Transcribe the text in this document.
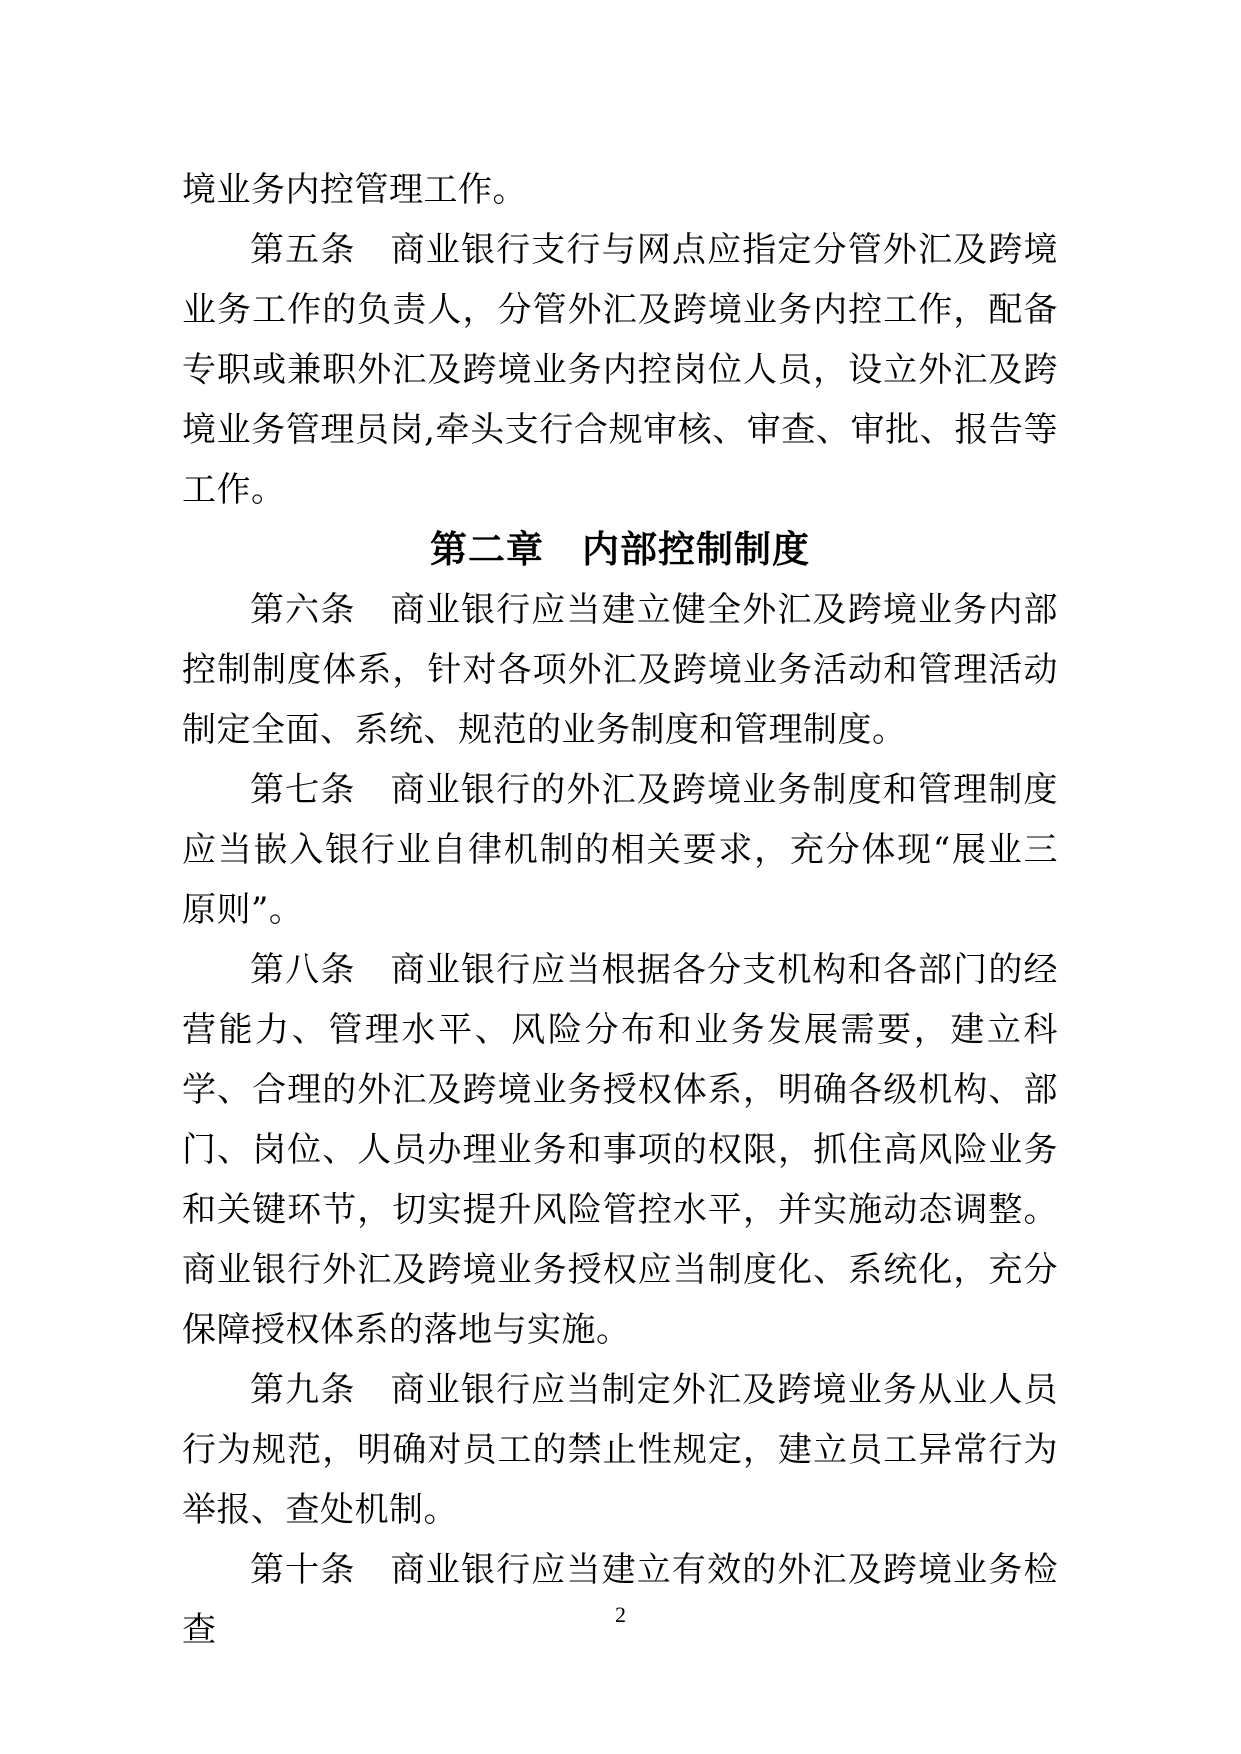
境业务内控管理工作。

第五条　商业银行支行与网点应指定分管外汇及跨境业务工作的负责人，分管外汇及跨境业务内控工作，配备专职或兼职外汇及跨境业务内控岗位人员，设立外汇及跨境业务管理员岗,牵头支行合规审核、审查、审批、报告等工作。

第二章　内部控制制度

第六条　商业银行应当建立健全外汇及跨境业务内部控制制度体系，针对各项外汇及跨境业务活动和管理活动制定全面、系统、规范的业务制度和管理制度。

第七条　商业银行的外汇及跨境业务制度和管理制度应当嵌入银行业自律机制的相关要求，充分体现“展业三原则”。

第八条　商业银行应当根据各分支机构和各部门的经营能力、管理水平、风险分布和业务发展需要，建立科学、合理的外汇及跨境业务授权体系，明确各级机构、部门、岗位、人员办理业务和事项的权限，抓住高风险业务和关键环节，切实提升风险管控水平，并实施动态调整。商业银行外汇及跨境业务授权应当制度化、系统化，充分保障授权体系的落地与实施。

第九条　商业银行应当制定外汇及跨境业务从业人员行为规范，明确对员工的禁止性规定，建立员工异常行为举报、查处机制。

第十条　商业银行应当建立有效的外汇及跨境业务检查	2
